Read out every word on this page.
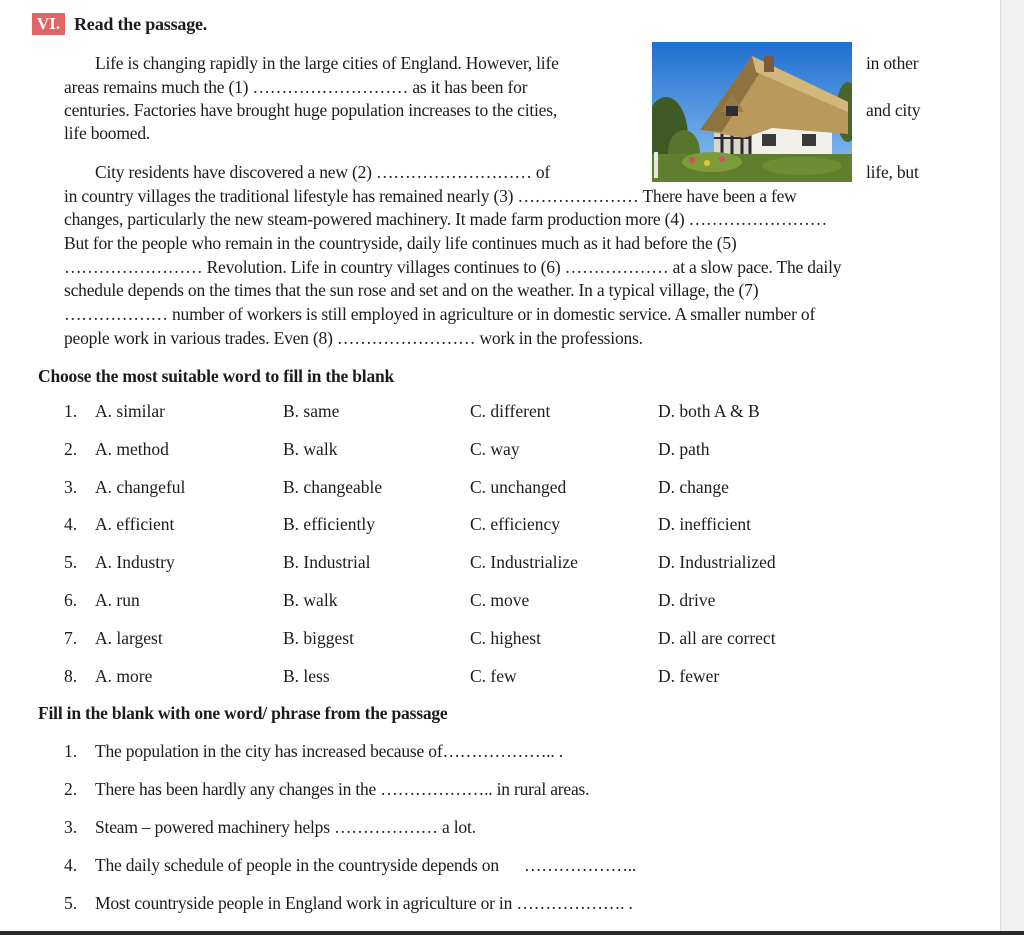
VI. Read the passage.
Life is changing rapidly in the large cities of England. However, life
areas remains much the (1) ……………………… as it has been for
centuries. Factories have brought huge population increases to the cities,
life boomed.
City residents have discovered a new (2) ……………………… of
in other
and city
life, but
in country villages the traditional lifestyle has remained nearly (3) ………………… There have been a few
changes, particularly the new steam-powered machinery. It made farm production more (4) ……………………
But for the people who remain in the countryside, daily life continues much as it had before the (5)
…………………… Revolution. Life in country villages continues to (6) ……………… at a slow pace. The daily
schedule depends on the times that the sun rose and set and on the weather. In a typical village, the (7)
……………… number of workers is still employed in agriculture or in domestic service. A smaller number of
people work in various trades. Even (8) …………………… work in the professions.
Choose the most suitable word to fill in the blank
1. A. similar	B. same	C. different	D. both A & B
2. A. method	B. walk	C. way	D. path
3. A. changeful	B. changeable	C. unchanged	D. change
4. A. efficient	B. efficiently	C. efficiency	D. inefficient
5. A. Industry	B. Industrial	C. Industrialize	D. Industrialized
6. A. run	B. walk	C. move	D. drive
7. A. largest	B. biggest	C. highest	D. all are correct
8. A. more	B. less	C. few	D. fewer
Fill in the blank with one word/ phrase from the passage
1. The population in the city has increased because of……………….. .
2. There has been hardly any changes in the ……………….. in rural areas.
3. Steam – powered machinery helps ……………… a lot.
4. The daily schedule of people in the countryside depends on      ………………..
5. Most countryside people in England work in agriculture or in ………………. .
